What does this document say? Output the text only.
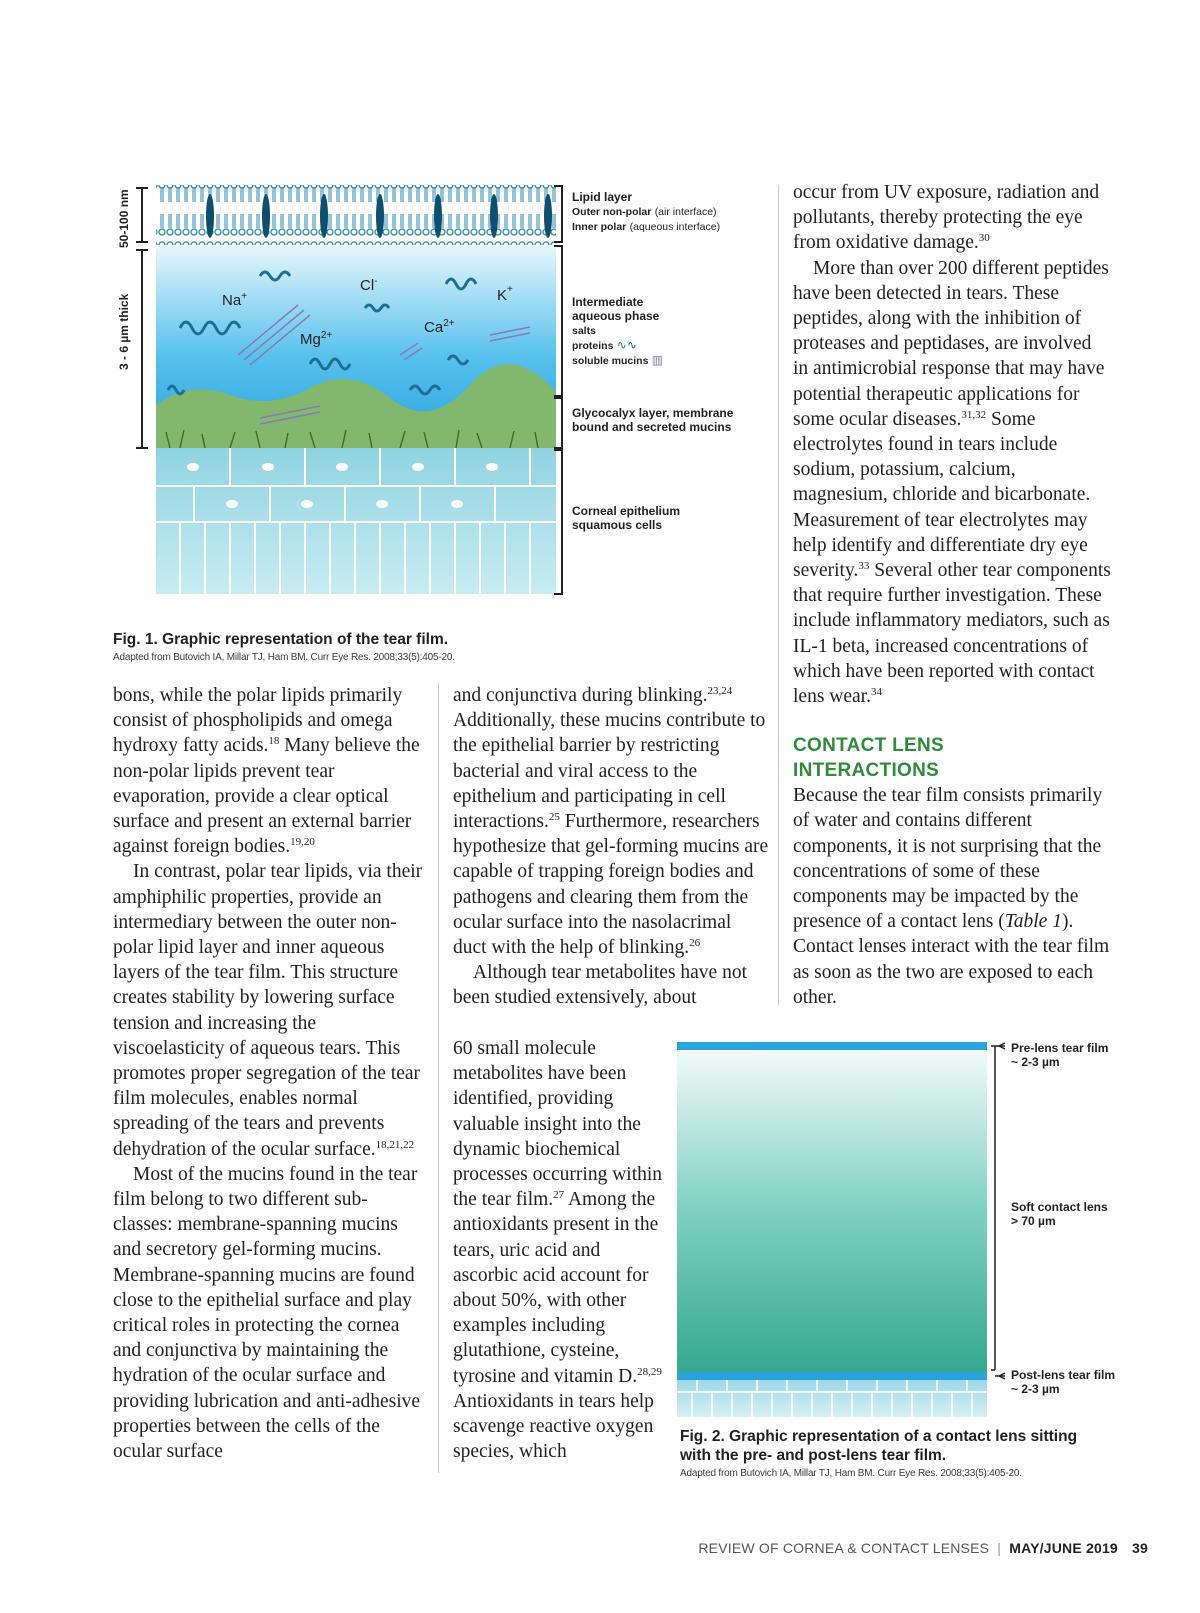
50-100 nm
3 - 6 µm thick	Na+
Cl-
K+
$Mg^{2+}$	$Ca^{2+}$
Lipid layer
Outer non-polar (air interface)
Inner polar (aqueous interface)
Intermediate
aqueous phase
salts
proteins ∿∿
soluble mucins ▥
Glycocalyx layer, membrane
bound and secreted mucins
Corneal epithelium
squamous cells
Fig. 1. Graphic representation of the tear film.
Adapted from Butovich IA, Millar TJ, Ham BM. Curr Eye Res. 2008;33(5):405-20.

bons, while the polar lipids primarily consist of phospholipids and omega hydroxy fatty acids.$^{18}$ Many believe the non-polar lipids prevent tear evaporation, provide a clear optical surface and present an external barrier against foreign bodies.$^{19,20}$

In contrast, polar tear lipids, via their amphiphilic properties, provide an intermediary between the outer non-polar lipid layer and inner aqueous layers of the tear film. This structure creates stability by lowering surface tension and increasing the viscoelasticity of aqueous tears. This promotes proper segregation of the tear film molecules, enables normal spreading of the tears and prevents dehydration of the ocular surface.$^{18,21,22}$

Most of the mucins found in the tear film belong to two different sub-classes: membrane-spanning mucins and secretory gel-forming mucins. Membrane-spanning mucins are found close to the epithelial surface and play critical roles in protecting the cornea and conjunctiva by maintaining the hydration of the ocular surface and providing lubrication and anti-adhesive properties between the cells of the ocular surface

and conjunctiva during blinking.$^{23,24}$ Additionally, these mucins contribute to the epithelial barrier by restricting bacterial and viral access to the epithelium and participating in cell interactions.$^{25}$ Furthermore, researchers hypothesize that gel-forming mucins are capable of trapping foreign bodies and pathogens and clearing them from the ocular surface into the nasolacrimal duct with the help of blinking.$^{26}$

Although tear metabolites have not been studied extensively, about

60 small molecule metabolites have been identified, providing valuable insight into the dynamic biochemical processes occurring within the tear film.$^{27}$ Among the antioxidants present in the tears, uric acid and ascorbic acid account for about 50%, with other examples including glutathione, cysteine, tyrosine and vitamin D.$^{28,29}$ Antioxidants in tears help scavenge reactive oxygen species, which

occur from UV exposure, radiation and pollutants, thereby protecting the eye from oxidative damage.$^{30}$

More than over 200 different peptides have been detected in tears. These peptides, along with the inhibition of proteases and peptidases, are involved in antimicrobial response that may have potential therapeutic applications for some ocular diseases.$^{31,32}$ Some electrolytes found in tears include sodium, potassium, calcium, magnesium, chloride and bicarbonate. Measurement of tear electrolytes may help identify and differentiate dry eye severity.$^{33}$ Several other tear components that require further investigation. These include inflammatory mediators, such as IL-1 beta, increased concentrations of which have been reported with contact lens wear.$^{34}$

CONTACT LENS
INTERACTIONS

Because the tear film consists primarily of water and contains different components, it is not surprising that the concentrations of some of these components may be impacted by the presence of a contact lens (Table 1). Contact lenses interact with the tear film as soon as the two are exposed to each other.

Pre-lens tear film
~ 2-3 µm
Soft contact lens
> 70 µm
Post-lens tear film
~ 2-3 µm
Fig. 2. Graphic representation of a contact lens sitting
with the pre- and post-lens tear film.
Adapted from Butovich IA, Millar TJ, Ham BM. Curr Eye Res. 2008;33(5):405-20.
REVIEW OF CORNEA & CONTACT LENSES | MAY/JUNE 2019 39
